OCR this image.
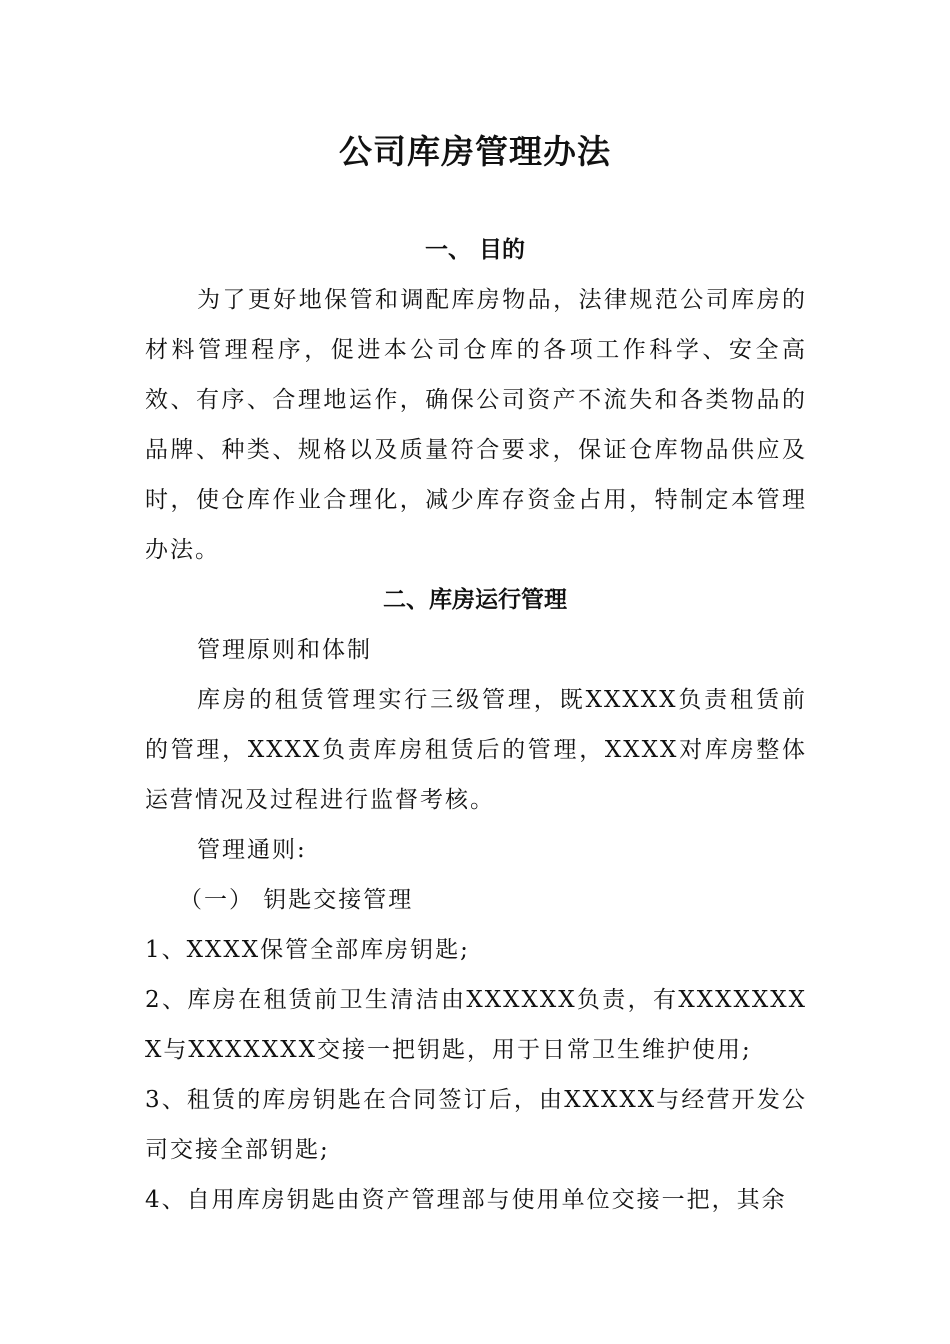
公司库房管理办法
一、 目的
为了更好地保管和调配库房物品，法律规范公司库房的材料管理程序，促进本公司仓库的各项工作科学、安全高效、有序、合理地运作，确保公司资产不流失和各类物品的品牌、种类、规格以及质量符合要求，保证仓库物品供应及时，使仓库作业合理化，减少库存资金占用，特制定本管理办法。
二、库房运行管理
管理原则和体制
库房的租赁管理实行三级管理，既XXXXX负责租赁前的管理，XXXX负责库房租赁后的管理，XXXX对库房整体运营情况及过程进行监督考核。
管理通则:
（一） 钥匙交接管理
1、XXXX保管全部库房钥匙;
2、库房在租赁前卫生清洁由XXXXXX负责，有XXXXXXXX与XXXXXXX交接一把钥匙，用于日常卫生维护使用;
3、租赁的库房钥匙在合同签订后，由XXXXX与经营开发公司交接全部钥匙;
4、自用库房钥匙由资产管理部与使用单位交接一把，其余
